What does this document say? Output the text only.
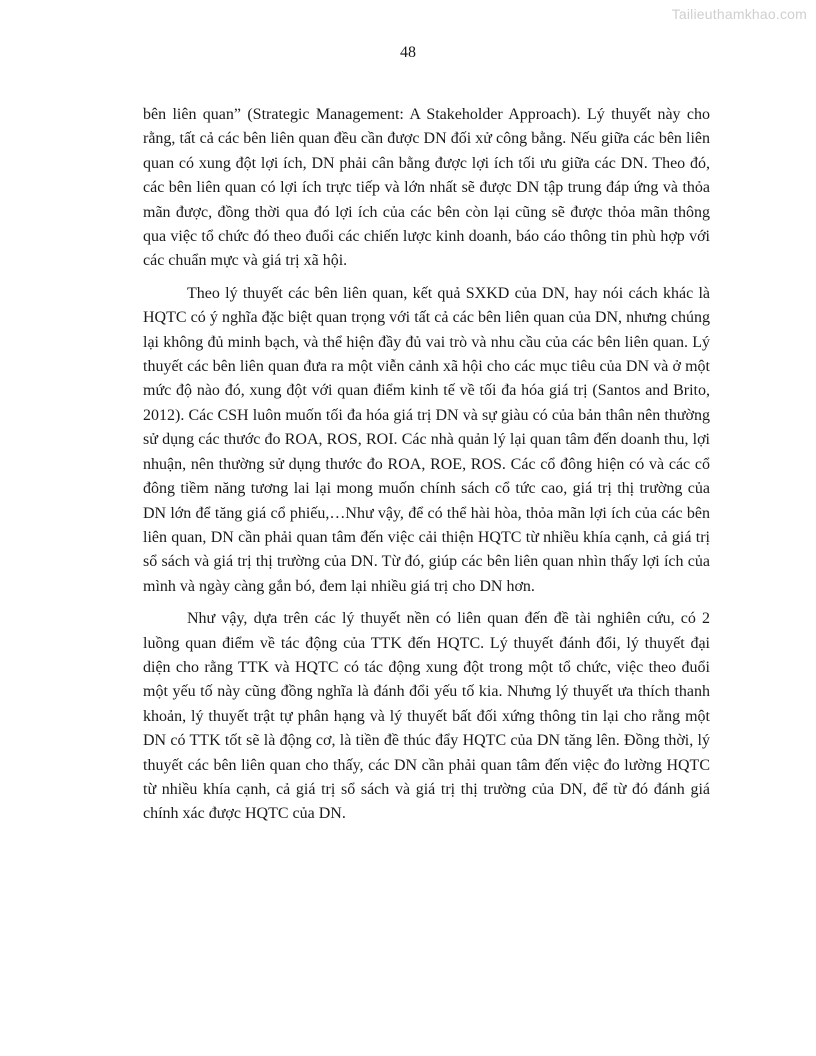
Tailieuthamkhao.com
48

bên liên quan” (Strategic Management: A Stakeholder Approach). Lý thuyết này cho rằng, tất cả các bên liên quan đều cần được DN đối xử công bằng. Nếu giữa các bên liên quan có xung đột lợi ích, DN phải cân bằng được lợi ích tối ưu giữa các DN. Theo đó, các bên liên quan có lợi ích trực tiếp và lớn nhất sẽ được DN tập trung đáp ứng và thỏa mãn được, đồng thời qua đó lợi ích của các bên còn lại cũng sẽ được thỏa mãn thông qua việc tổ chức đó theo đuổi các chiến lược kinh doanh, báo cáo thông tin phù hợp với các chuẩn mực và giá trị xã hội.

Theo lý thuyết các bên liên quan, kết quả SXKD của DN, hay nói cách khác là HQTC có ý nghĩa đặc biệt quan trọng với tất cả các bên liên quan của DN, nhưng chúng lại không đủ minh bạch, và thể hiện đầy đủ vai trò và nhu cầu của các bên liên quan. Lý thuyết các bên liên quan đưa ra một viễn cảnh xã hội cho các mục tiêu của DN và ở một mức độ nào đó, xung đột với quan điểm kinh tế về tối đa hóa giá trị (Santos and Brito, 2012). Các CSH luôn muốn tối đa hóa giá trị DN và sự giàu có của bản thân nên thường sử dụng các thước đo ROA, ROS, ROI. Các nhà quản lý lại quan tâm đến doanh thu, lợi nhuận, nên thường sử dụng thước đo ROA, ROE, ROS. Các cổ đông hiện có và các cổ đông tiềm năng tương lai lại mong muốn chính sách cổ tức cao, giá trị thị trường của DN lớn để tăng giá cổ phiếu,…Như vậy, để có thể hài hòa, thỏa mãn lợi ích của các bên liên quan, DN cần phải quan tâm đến việc cải thiện HQTC từ nhiều khía cạnh, cả giá trị sổ sách và giá trị thị trường của DN. Từ đó, giúp các bên liên quan nhìn thấy lợi ích của mình và ngày càng gắn bó, đem lại nhiều giá trị cho DN hơn.

Như vậy, dựa trên các lý thuyết nền có liên quan đến đề tài nghiên cứu, có 2 luồng quan điểm về tác động của TTK đến HQTC. Lý thuyết đánh đổi, lý thuyết đại diện cho rằng TTK và HQTC có tác động xung đột trong một tổ chức, việc theo đuổi một yếu tố này cũng đồng nghĩa là đánh đổi yếu tố kia. Nhưng lý thuyết ưa thích thanh khoản, lý thuyết trật tự phân hạng và lý thuyết bất đối xứng thông tin lại cho rằng một DN có TTK tốt sẽ là động cơ, là tiền đề thúc đẩy HQTC của DN tăng lên. Đồng thời, lý thuyết các bên liên quan cho thấy, các DN cần phải quan tâm đến việc đo lường HQTC từ nhiều khía cạnh, cả giá trị sổ sách và giá trị thị trường của DN, để từ đó đánh giá chính xác được HQTC của DN.
